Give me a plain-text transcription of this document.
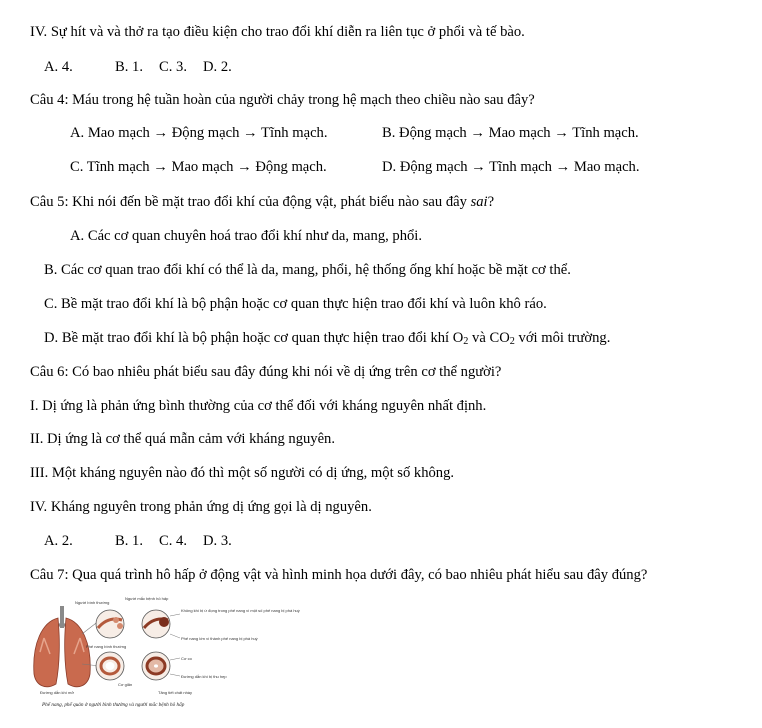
IV. Sự hít và và thở ra tạo điều kiện cho trao đổi khí diễn ra liên tục ở phổi và tế bào.
A. 4.	B. 1. C. 3. D. 2.
Câu 4: Máu trong hệ tuần hoàn của người chảy trong hệ mạch theo chiều nào sau đây?
A. Mao mạch → Động mạch → Tĩnh mạch.	B. Động mạch → Mao mạch → Tĩnh mạch.
C. Tĩnh mạch → Mao mạch → Động mạch.	D. Động mạch → Tĩnh mạch → Mao mạch.
Câu 5: Khi nói đến bề mặt trao đổi khí của động vật, phát biểu nào sau đây sai?
A. Các cơ quan chuyên hoá trao đổi khí như da, mang, phổi.
B. Các cơ quan trao đổi khí có thể là da, mang, phổi, hệ thống ống khí hoặc bề mặt cơ thể.
C. Bề mặt trao đổi khí là bộ phận hoặc cơ quan thực hiện trao đổi khí và luôn khô ráo.
D. Bề mặt trao đổi khí là bộ phận hoặc cơ quan thực hiện trao đổi khí $O_2$ và $CO_2$ với môi trường.
Câu 6: Có bao nhiêu phát biểu sau đây đúng khi nói về dị ứng trên cơ thể người?
I. Dị ứng là phản ứng bình thường của cơ thể đối với kháng nguyên nhất định.
II. Dị ứng là cơ thể quá mẫn cảm với kháng nguyên.
III. Một kháng nguyên nào đó thì một số người có dị ứng, một số không.
IV. Kháng nguyên trong phản ứng dị ứng gọi là dị nguyên.
A. 2.	B. 1. C. 4. D. 3.
Câu 7: Qua quá trình hô hấp ở động vật và hình minh họa dưới đây, có bao nhiêu phát hiểu sau đây đúng?
Người bình thường
Người mắc bệnh hô hấp
Không khí bị ứ đọng trong phế nang vì một số phế nang bị phá huỷ
Phế nang lớn vì thành phế nang bị phá huỷ
Cơ co
Đường dẫn khí bị thu hẹp
Phế nang bình thường
Đường dẫn khí mở
Cơ giãn
Tăng tiết chất nhày
Phế nang, phế quản ở người bình thường và người mắc bệnh hô hấp
